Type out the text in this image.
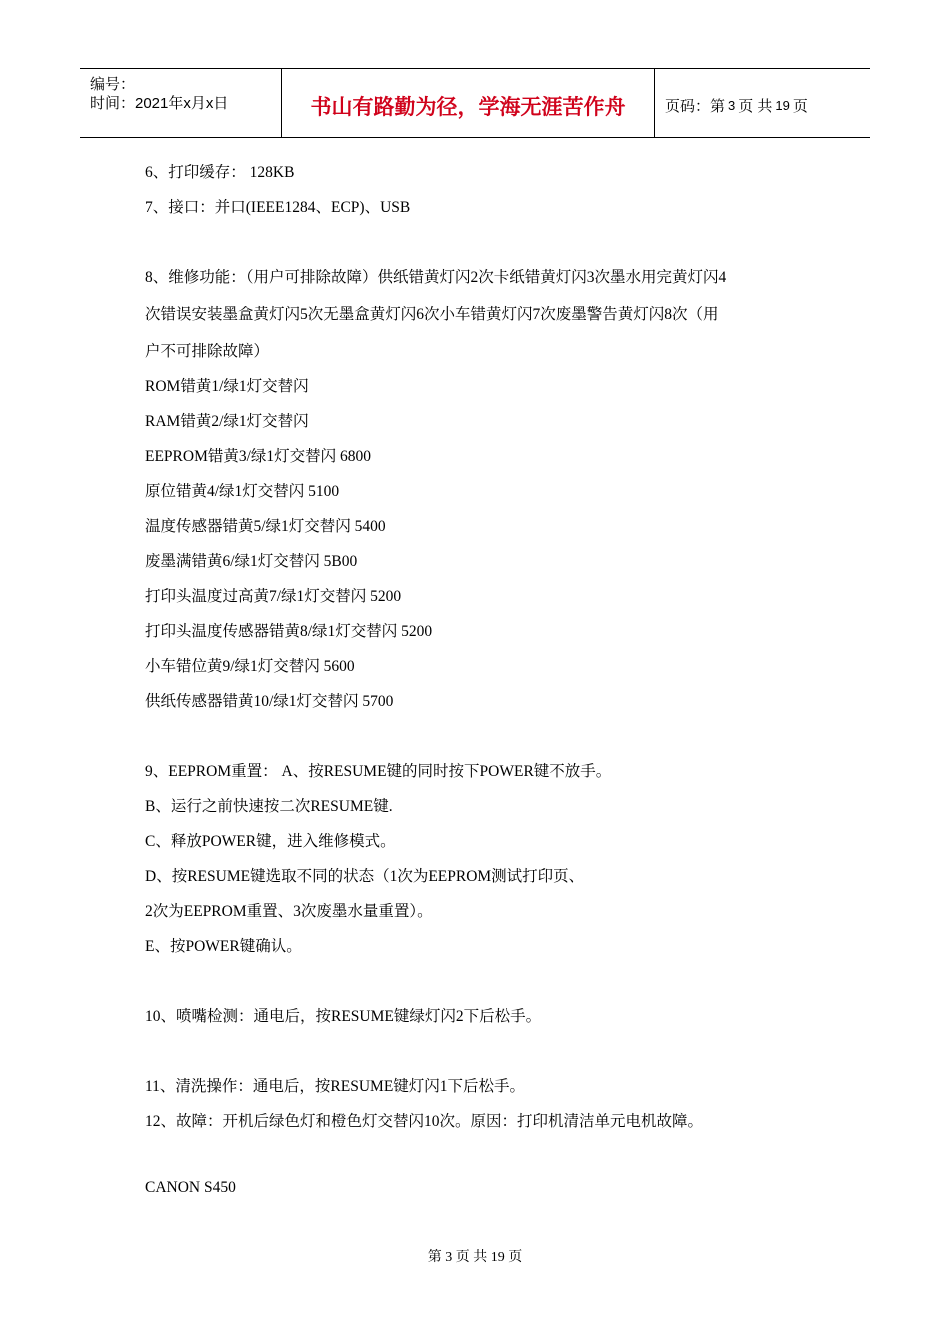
编号：
时间：2021年x月x日	书山有路勤为径，学海无涯苦作舟	页码：第 3 页 共 19 页
6、打印缓存： 128KB
7、接口：并口(IEEE1284、ECP)、USB
8、维修功能：（用户可排除故障）供纸错黄灯闪2次卡纸错黄灯闪3次墨水用完黄灯闪4
次错误安装墨盒黄灯闪5次无墨盒黄灯闪6次小车错黄灯闪7次废墨警告黄灯闪8次（用
户不可排除故障）
ROM错黄1/绿1灯交替闪
RAM错黄2/绿1灯交替闪
EEPROM错黄3/绿1灯交替闪 6800
原位错黄4/绿1灯交替闪 5100
温度传感器错黄5/绿1灯交替闪 5400
废墨满错黄6/绿1灯交替闪 5B00
打印头温度过高黄7/绿1灯交替闪 5200
打印头温度传感器错黄8/绿1灯交替闪 5200
小车错位黄9/绿1灯交替闪 5600
供纸传感器错黄10/绿1灯交替闪 5700
9、EEPROM重置： A、按RESUME键的同时按下POWER键不放手。
B、运行之前快速按二次RESUME键.
C、释放POWER键，进入维修模式。
D、按RESUME键选取不同的状态（1次为EEPROM测试打印页、
2次为EEPROM重置、3次废墨水量重置）。
E、按POWER键确认。
10、喷嘴检测：通电后，按RESUME键绿灯闪2下后松手。
11、清洗操作：通电后，按RESUME键灯闪1下后松手。
12、故障：开机后绿色灯和橙色灯交替闪10次。原因：打印机清洁单元电机故障。
CANON S450
第 3 页 共 19 页
